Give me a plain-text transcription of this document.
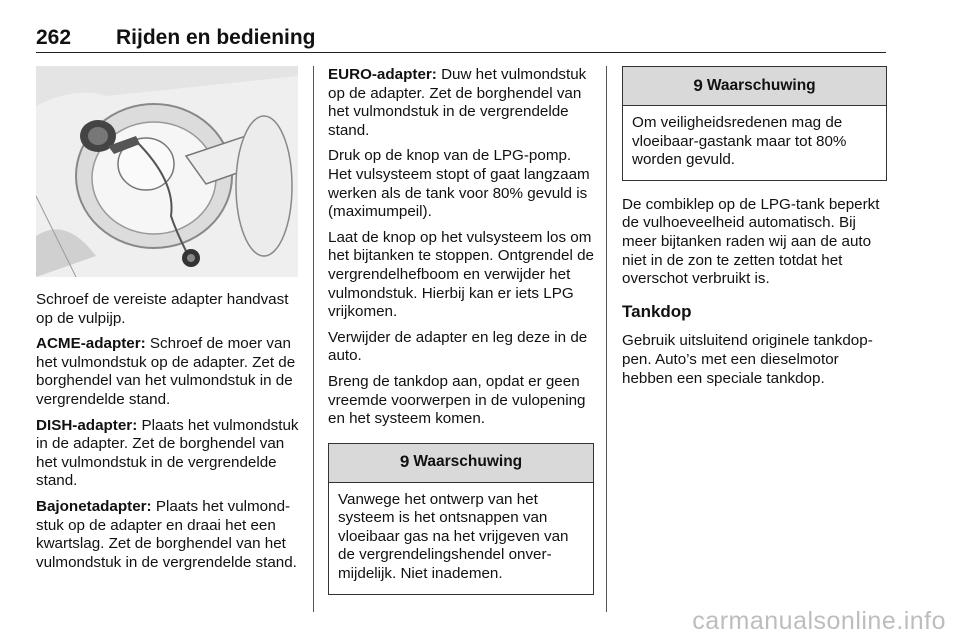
262 Rijden en bediening

Schroef de vereiste adapter handvast op de vulpijp.

ACME-adapter: Schroef de moer van het vulmondstuk op de adapter. Zet de borghendel van het vulmondstuk in de vergrendelde stand.

DISH-adapter: Plaats het vulmondstuk in de adapter. Zet de borghendel van het vulmondstuk in de vergrendelde stand.

Bajonetadapter: Plaats het vulmondstuk op de adapter en draai het een kwartslag. Zet de borghendel van het vulmondstuk in de vergrendelde stand.

EURO-adapter: Duw het vulmondstuk op de adapter. Zet de borghendel van het vulmondstuk in de vergrendelde stand.

Druk op de knop van de LPG-pomp. Het vulsysteem stopt of gaat langzaam werken als de tank voor 80% gevuld is (maximumpeil).

Laat de knop op het vulsysteem los om het bijtanken te stoppen. Ontgrendel de vergrendelhefboom en verwijder het vulmondstuk. Hierbij kan er iets LPG vrijkomen.

Verwijder de adapter en leg deze in de auto.

Breng de tankdop aan, opdat er geen vreemde voorwerpen in de vulopening en het systeem komen.

9 Waarschuwing

Vanwege het ontwerp van het systeem is het ontsnappen van vloeibaar gas na het vrijgeven van de vergrendelingshendel onvermijdelijk. Niet inademen.

9 Waarschuwing

Om veiligheidsredenen mag de vloeibaar-gastank maar tot 80% worden gevuld.

De combiklep op de LPG-tank beperkt de vulhoeveelheid automatisch. Bij meer bijtanken raden wij aan de auto niet in de zon te zetten totdat het overschot verbruikt is.

Tankdop

Gebruik uitsluitend originele tankdoppen. Auto’s met een dieselmotor hebben een speciale tankdop.

carmanualsonline.info
